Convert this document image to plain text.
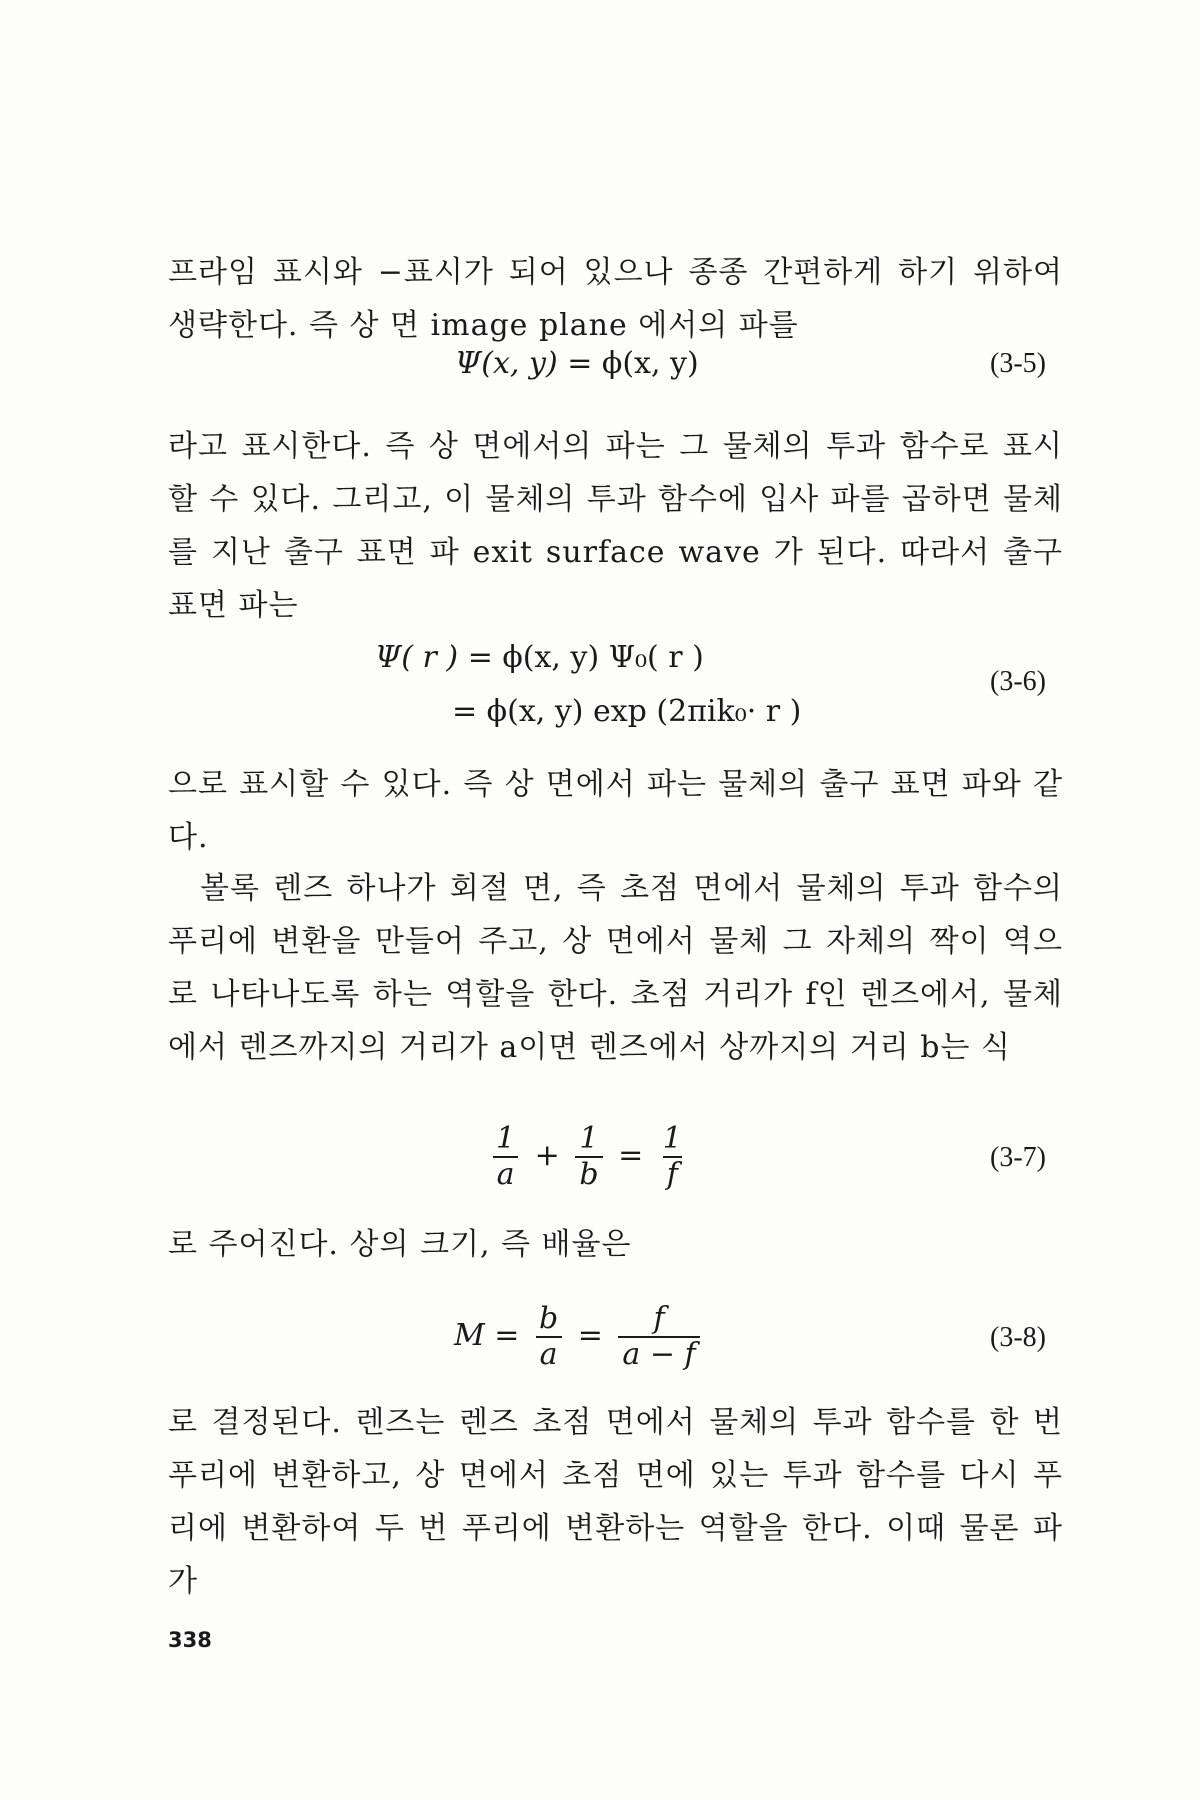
프라임 표시와 −표시가 되어 있으나 종종 간편하게 하기 위하여 생략한다. 즉 상 면 image plane 에서의 파를

Ψ(x, y) = ϕ(x, y)	(3-5)

라고 표시한다. 즉 상 면에서의 파는 그 물체의 투과 함수로 표시할 수 있다. 그리고, 이 물체의 투과 함수에 입사 파를 곱하면 물체를 지난 출구 표면 파 exit surface wave 가 된다. 따라서 출구 표면 파는

Ψ( r ) = ϕ(x, y) Ψ₀( r )
= ϕ(x, y) exp (2πik₀· r )
(3-6)

으로 표시할 수 있다. 즉 상 면에서 파는 물체의 출구 표면 파와 같다.

볼록 렌즈 하나가 회절 면, 즉 초점 면에서 물체의 투과 함수의 푸리에 변환을 만들어 주고, 상 면에서 물체 그 자체의 짝이 역으로 나타나도록 하는 역할을 한다. 초점 거리가 f인 렌즈에서, 물체에서 렌즈까지의 거리가 a이면 렌즈에서 상까지의 거리 b는 식

$\frac{1}{a} + \frac{1}{b} = \frac{1}{f}$	(3-7)

로 주어진다. 상의 크기, 즉 배율은

$M = \frac{b}{a} = \frac{f}{a - f}$	(3-8)

로 결정된다. 렌즈는 렌즈 초점 면에서 물체의 투과 함수를 한 번 푸리에 변환하고, 상 면에서 초점 면에 있는 투과 함수를 다시 푸리에 변환하여 두 번 푸리에 변환하는 역할을 한다. 이때 물론 파가

338
